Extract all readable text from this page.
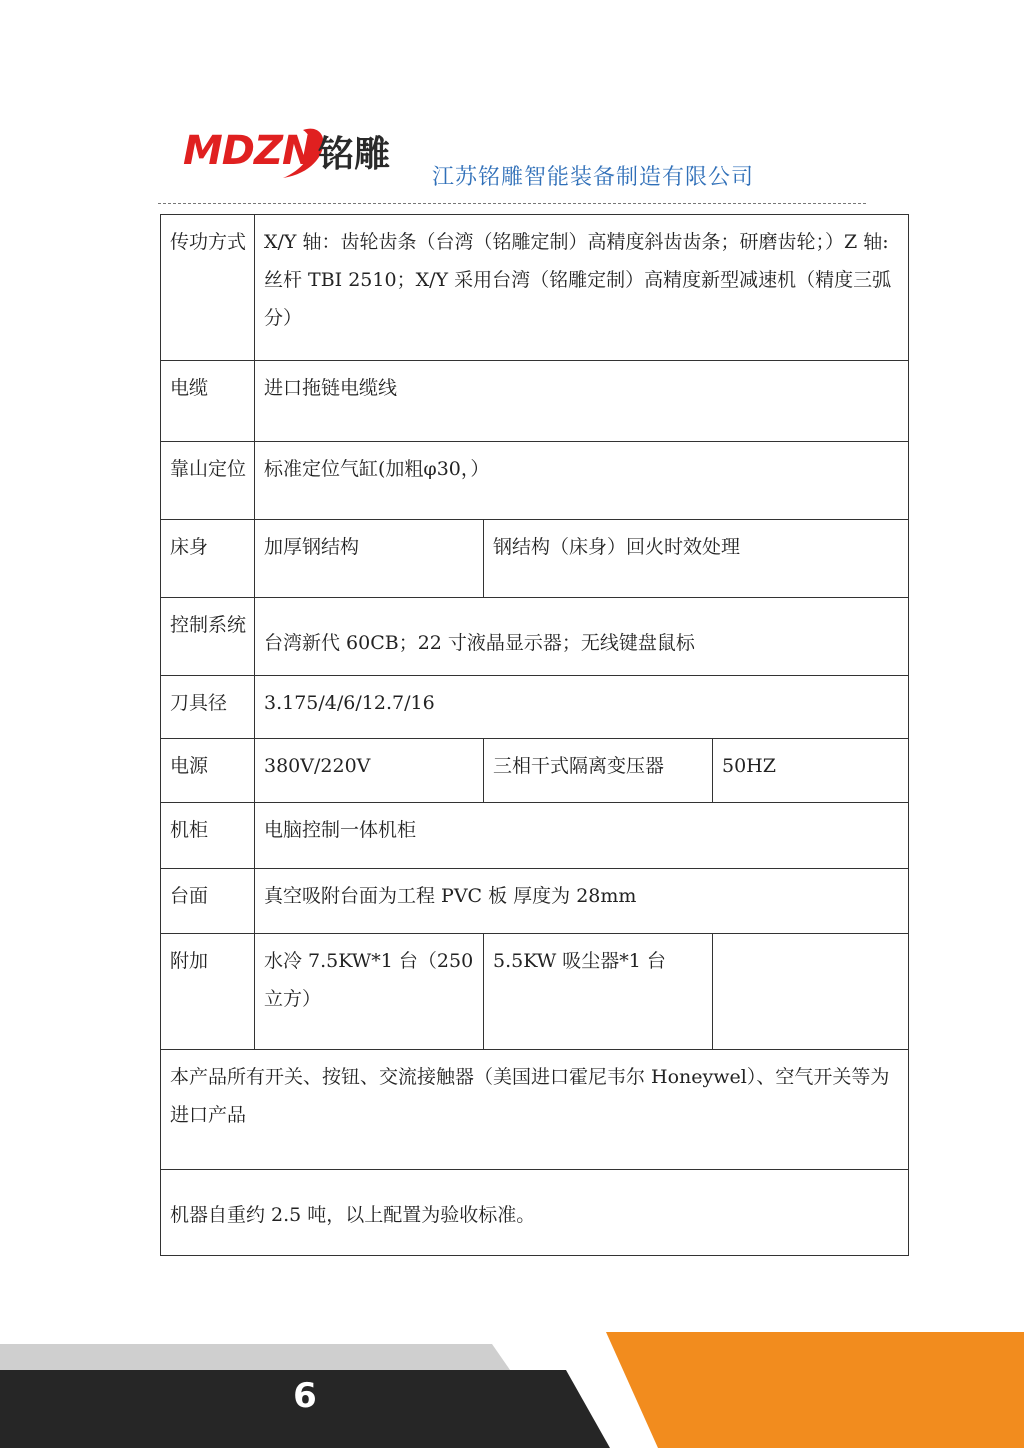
MDZN 铭雕
江苏铭雕智能装备制造有限公司
传功方式	X/Y 轴：齿轮齿条（台湾（铭雕定制）高精度斜齿齿条；研磨齿轮；）Z 轴:丝杆 TBI 2510；X/Y 采用台湾（铭雕定制）高精度新型减速机（精度三弧分）		
电缆	进口拖链电缆线		
靠山定位	标准定位气缸(加粗φ30，）		
床身	加厚钢结构	钢结构（床身）回火时效处理	
控制系统	台湾新代 60CB；22 寸液晶显示器；无线键盘鼠标		
刀具径	3.175/4/6/12.7/16		
电源	380V/220V	三相干式隔离变压器	50HZ
机柜	电脑控制一体机柜		
台面	真空吸附台面为工程 PVC 板 厚度为 28mm		
附加	水冷 7.5KW*1 台（250 立方）	5.5KW 吸尘器*1 台	
本产品所有开关、按钮、交流接触器（美国进口霍尼韦尔 Honeywel）、空气开关等为进口产品			
机器自重约 2.5 吨，以上配置为验收标准。			
6
